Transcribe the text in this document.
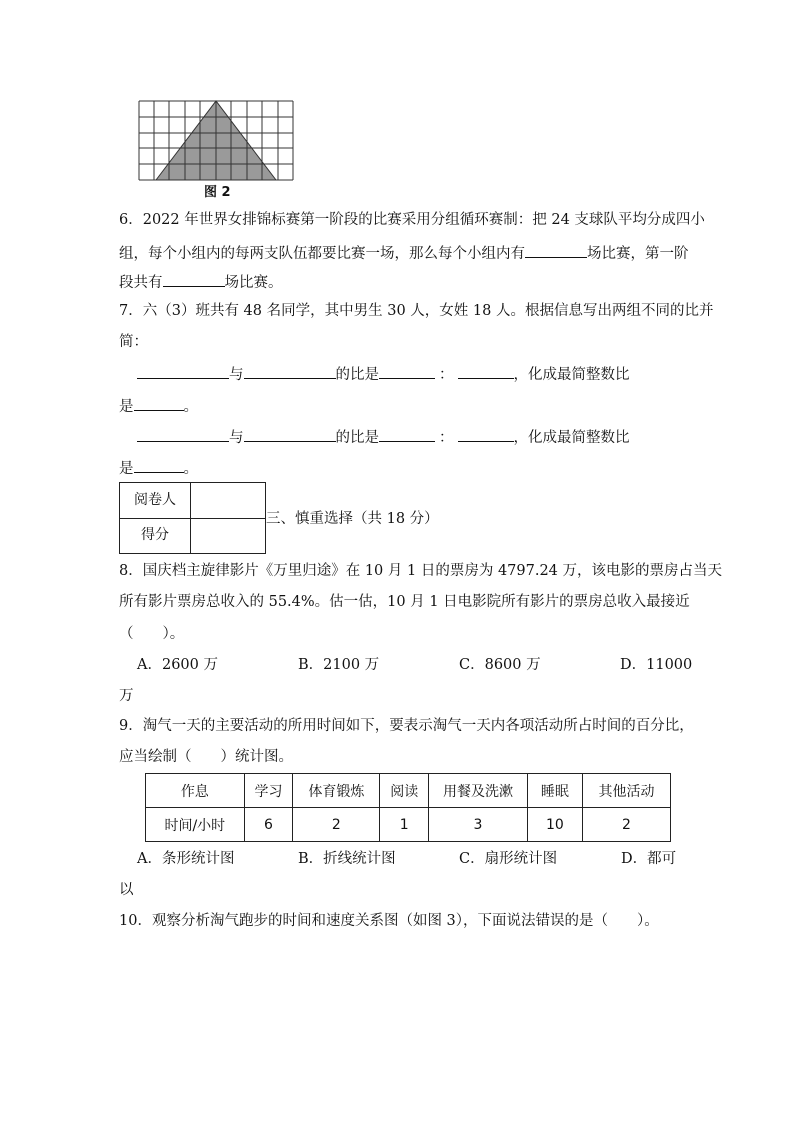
图 2
6．2022 年世界女排锦标赛第一阶段的比赛采用分组循环赛制：把 24 支球队平均分成四小
组，每个小组内的每两支队伍都要比赛一场，那么每个小组内有	场比赛，第一阶
段共有	场比赛。
7．六（3）班共有 48 名同学，其中男生 30 人，女姓 18 人。根据信息写出两组不同的比并
简：
与	的比是	：	，化成最简整数比
是	。
与	的比是	：	，化成最简整数比
是	。
阅卷人
得分
三、慎重选择（共 18 分）
8．国庆档主旋律影片《万里归途》在 10 月 1 日的票房为 4797.24 万，该电影的票房占当天
所有影片票房总收入的 55.4%。估一估，10 月 1 日电影院所有影片的票房总收入最接近
（　　）。
A．2600 万	B．2100 万	C．8600 万	D．11000
万
9．淘气一天的主要活动的所用时间如下，要表示淘气一天内各项活动所占时间的百分比，
应当绘制（　　）统计图。
作息	学习	体育锻炼	阅读	用餐及洗漱	睡眠	其他活动
时间/小时	6	2	1	3	10	2
A．条形统计图	B．折线统计图	C．扇形统计图	D．都可
以
10．观察分析淘气跑步的时间和速度关系图（如图 3），下面说法错误的是（　　）。
